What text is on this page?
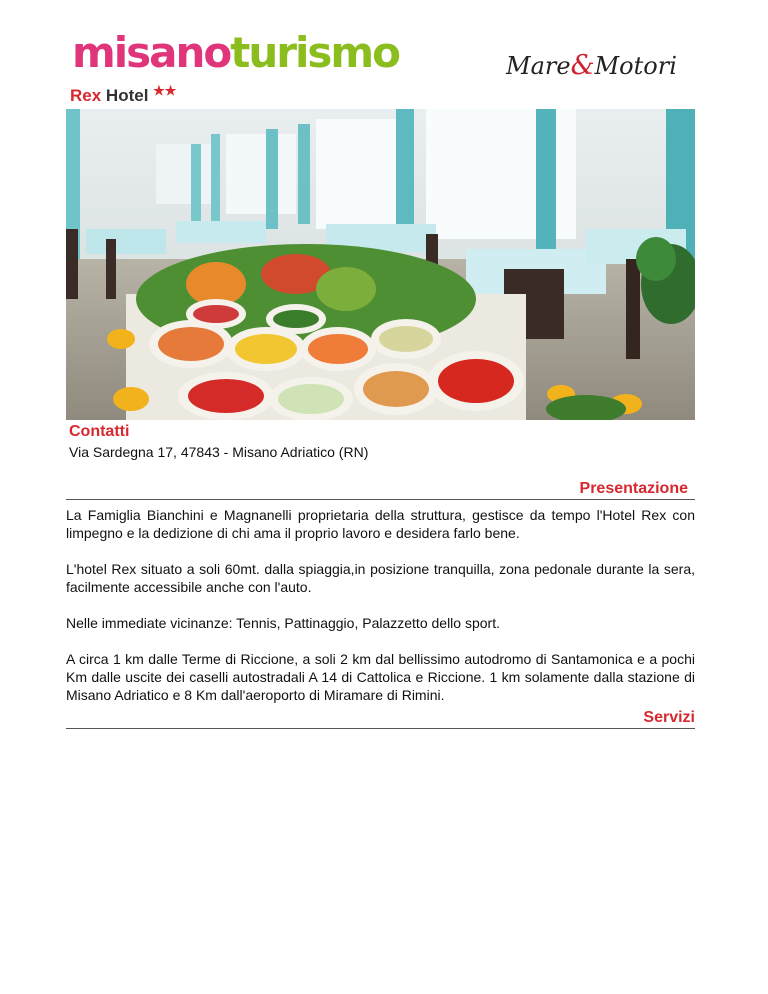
misanoturismo	Mare&Motori
Rex Hotel ★★
Contatti
Via Sardegna 17, 47843 - Misano Adriatico (RN)
Presentazione

La Famiglia Bianchini e Magnanelli proprietaria della struttura, gestisce da tempo l'Hotel Rex con limpegno e la dedizione di chi ama il proprio lavoro e desidera farlo bene.

L'hotel Rex situato a soli 60mt. dalla spiaggia,in posizione tranquilla, zona pedonale durante la sera, facilmente accessibile anche con l'auto.

Nelle immediate vicinanze: Tennis, Pattinaggio, Palazzetto dello sport.

A circa 1 km dalle Terme di Riccione, a soli 2 km dal bellissimo autodromo di Santamonica e a pochi Km dalle uscite dei caselli autostradali A 14 di Cattolica e Riccione. 1 km solamente dalla stazione di Misano Adriatico e 8 Km dall'aeroporto di Miramare di Rimini.

Servizi
